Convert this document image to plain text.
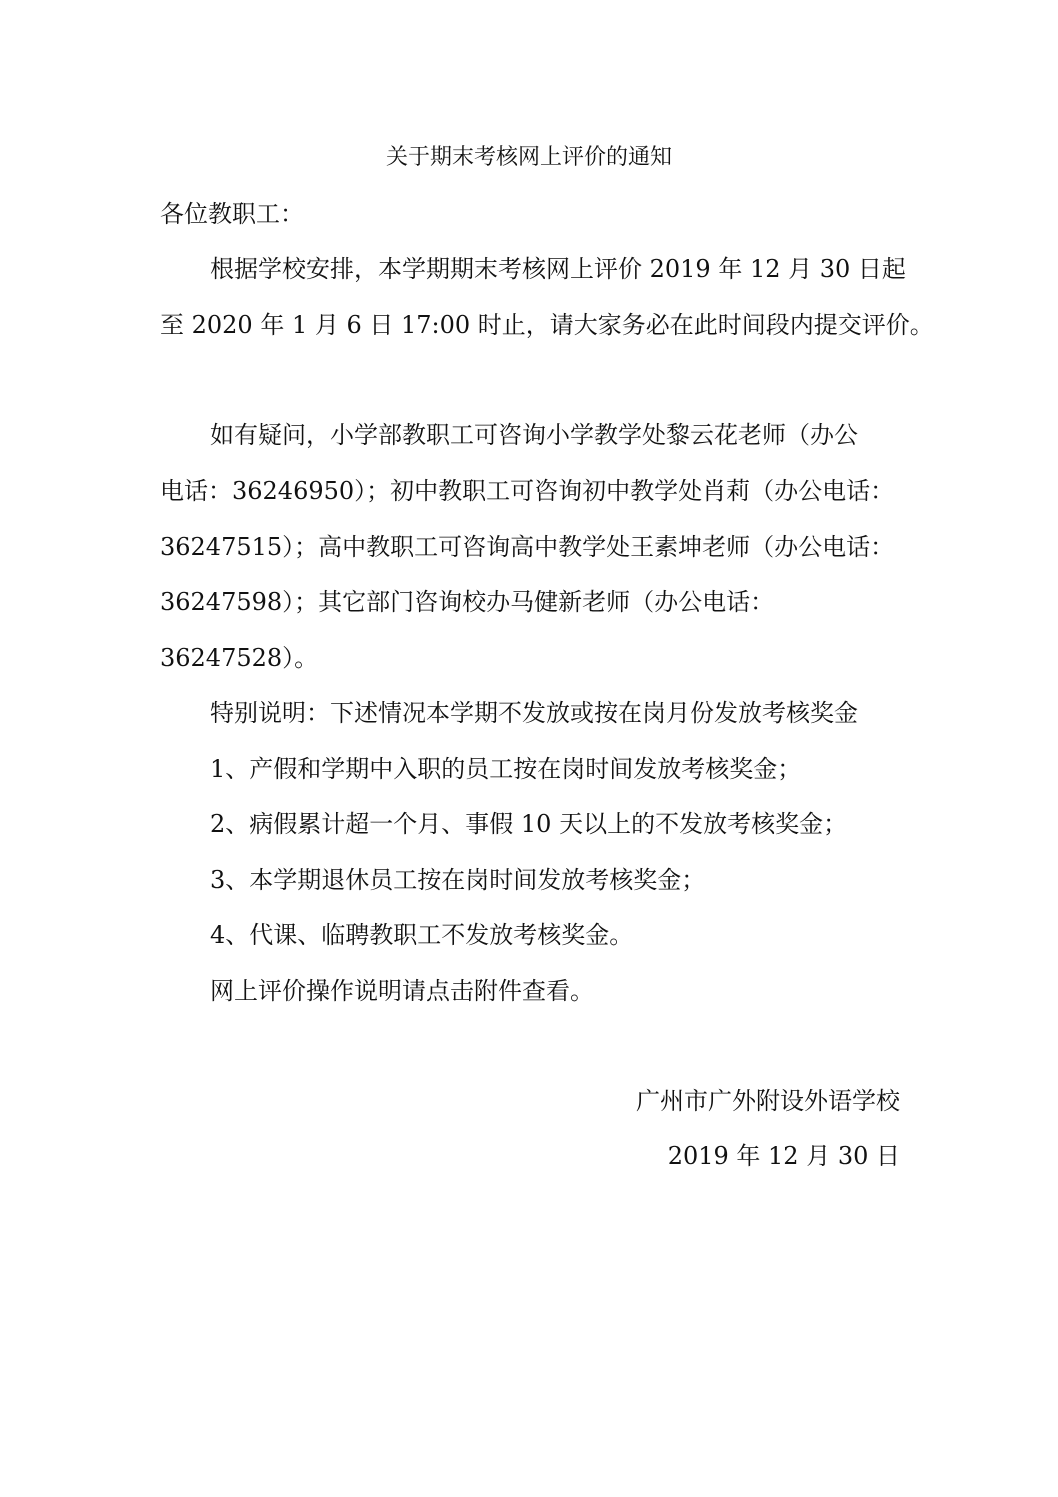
关于期末考核网上评价的通知
各位教职工：
根据学校安排，本学期期末考核网上评价 2019 年 12 月 30 日起
至 2020 年 1 月 6 日 17:00 时止，请大家务必在此时间段内提交评价。
如有疑问，小学部教职工可咨询小学教学处黎云花老师（办公
电话：36246950）；初中教职工可咨询初中教学处肖莉（办公电话：
36247515）；高中教职工可咨询高中教学处王素坤老师（办公电话：
36247598）；其它部门咨询校办马健新老师（办公电话：
36247528）。
特别说明：下述情况本学期不发放或按在岗月份发放考核奖金
1、产假和学期中入职的员工按在岗时间发放考核奖金；
2、病假累计超一个月、事假 10 天以上的不发放考核奖金；
3、本学期退休员工按在岗时间发放考核奖金；
4、代课、临聘教职工不发放考核奖金。
网上评价操作说明请点击附件查看。
广州市广外附设外语学校
2019 年 12 月 30 日
